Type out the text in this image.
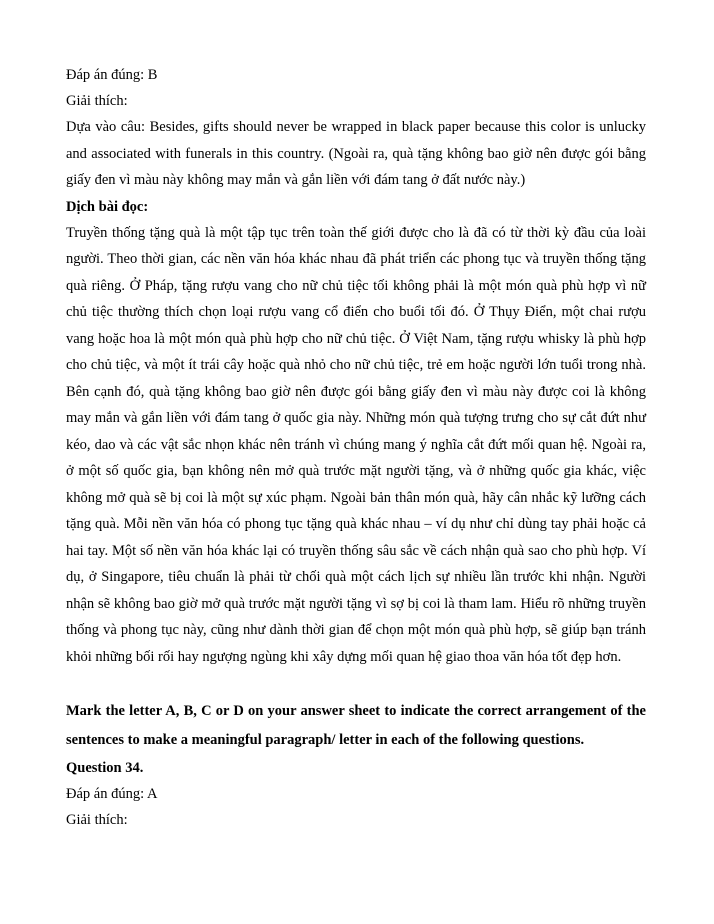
Đáp án đúng: B

Giải thích:

Dựa vào câu: Besides, gifts should never be wrapped in black paper because this color is unlucky and associated with funerals in this country. (Ngoài ra, quà tặng không bao giờ nên được gói bằng giấy đen vì màu này không may mắn và gắn liền với đám tang ở đất nước này.)

Dịch bài đọc:

Truyền thống tặng quà là một tập tục trên toàn thế giới được cho là đã có từ thời kỳ đầu của loài người. Theo thời gian, các nền văn hóa khác nhau đã phát triển các phong tục và truyền thống tặng quà riêng. Ở Pháp, tặng rượu vang cho nữ chủ tiệc tối không phải là một món quà phù hợp vì nữ chủ tiệc thường thích chọn loại rượu vang cổ điển cho buổi tối đó. Ở Thụy Điển, một chai rượu vang hoặc hoa là một món quà phù hợp cho nữ chủ tiệc. Ở Việt Nam, tặng rượu whisky là phù hợp cho chủ tiệc, và một ít trái cây hoặc quà nhỏ cho nữ chủ tiệc, trẻ em hoặc người lớn tuổi trong nhà. Bên cạnh đó, quà tặng không bao giờ nên được gói bằng giấy đen vì màu này được coi là không may mắn và gắn liền với đám tang ở quốc gia này. Những món quà tượng trưng cho sự cắt đứt như kéo, dao và các vật sắc nhọn khác nên tránh vì chúng mang ý nghĩa cắt đứt mối quan hệ. Ngoài ra, ở một số quốc gia, bạn không nên mở quà trước mặt người tặng, và ở những quốc gia khác, việc không mở quà sẽ bị coi là một sự xúc phạm. Ngoài bản thân món quà, hãy cân nhắc kỹ lưỡng cách tặng quà. Mỗi nền văn hóa có phong tục tặng quà khác nhau – ví dụ như chỉ dùng tay phải hoặc cả hai tay. Một số nền văn hóa khác lại có truyền thống sâu sắc về cách nhận quà sao cho phù hợp. Ví dụ, ở Singapore, tiêu chuẩn là phải từ chối quà một cách lịch sự nhiều lần trước khi nhận. Người nhận sẽ không bao giờ mở quà trước mặt người tặng vì sợ bị coi là tham lam. Hiểu rõ những truyền thống và phong tục này, cũng như dành thời gian để chọn một món quà phù hợp, sẽ giúp bạn tránh khỏi những bối rối hay ngượng ngùng khi xây dựng mối quan hệ giao thoa văn hóa tốt đẹp hơn.

Mark the letter A, B, C or D on your answer sheet to indicate the correct arrangement of the sentences to make a meaningful paragraph/ letter in each of the following questions.

Question 34.

Đáp án đúng: A

Giải thích:
